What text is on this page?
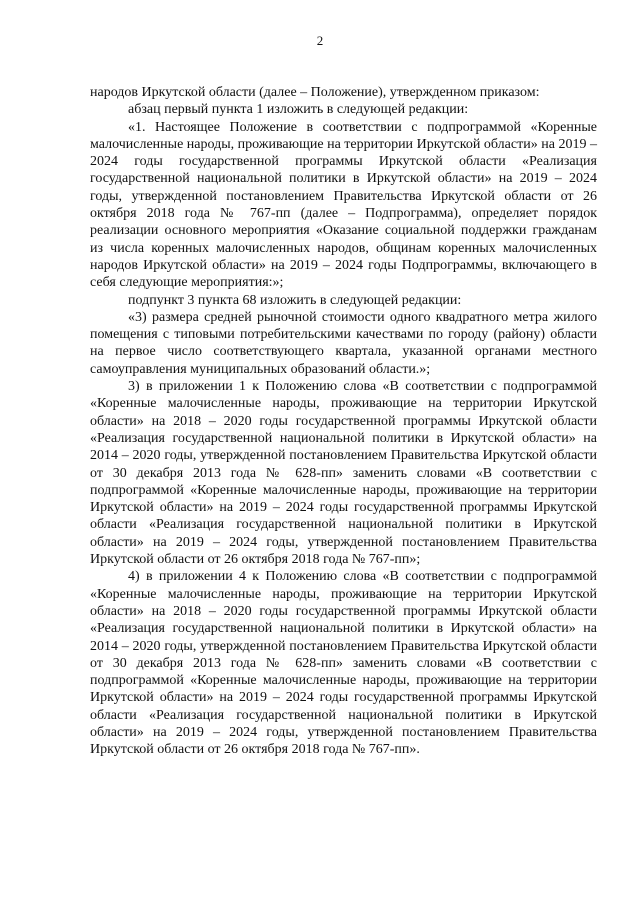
2

народов Иркутской области (далее – Положение), утвержденном приказом:

абзац первый пункта 1 изложить в следующей редакции:

«1. Настоящее Положение в соответствии с подпрограммой «Коренные малочисленные народы, проживающие на территории Иркутской области» на 2019 – 2024 годы государственной программы Иркутской области «Реализация государственной национальной политики в Иркутской области» на 2019 – 2024 годы, утвержденной постановлением Правительства Иркутской области от 26 октября 2018 года № 767-пп (далее – Подпрограмма), определяет порядок реализации основного мероприятия «Оказание социальной поддержки гражданам из числа коренных малочисленных народов, общинам коренных малочисленных народов Иркутской области» на 2019 – 2024 годы Подпрограммы, включающего в себя следующие мероприятия:»;

подпункт 3 пункта 68 изложить в следующей редакции:

«3) размера средней рыночной стоимости одного квадратного метра жилого помещения с типовыми потребительскими качествами по городу (району) области на первое число соответствующего квартала, указанной органами местного самоуправления муниципальных образований области.»;

3) в приложении 1 к Положению слова «В соответствии с подпрограммой «Коренные малочисленные народы, проживающие на территории Иркутской области» на 2018 – 2020 годы государственной программы Иркутской области «Реализация государственной национальной политики в Иркутской области» на 2014 – 2020 годы, утвержденной постановлением Правительства Иркутской области от 30 декабря 2013 года № 628-пп» заменить словами «В соответствии с подпрограммой «Коренные малочисленные народы, проживающие на территории Иркутской области» на 2019 – 2024 годы государственной программы Иркутской области «Реализация государственной национальной политики в Иркутской области» на 2019 – 2024 годы, утвержденной постановлением Правительства Иркутской области от 26 октября 2018 года № 767-пп»;

4) в приложении 4 к Положению слова «В соответствии с подпрограммой «Коренные малочисленные народы, проживающие на территории Иркутской области» на 2018 – 2020 годы государственной программы Иркутской области «Реализация государственной национальной политики в Иркутской области» на 2014 – 2020 годы, утвержденной постановлением Правительства Иркутской области от 30 декабря 2013 года № 628-пп» заменить словами «В соответствии с подпрограммой «Коренные малочисленные народы, проживающие на территории Иркутской области» на 2019 – 2024 годы государственной программы Иркутской области «Реализация государственной национальной политики в Иркутской области» на 2019 – 2024 годы, утвержденной постановлением Правительства Иркутской области от 26 октября 2018 года № 767-пп».
